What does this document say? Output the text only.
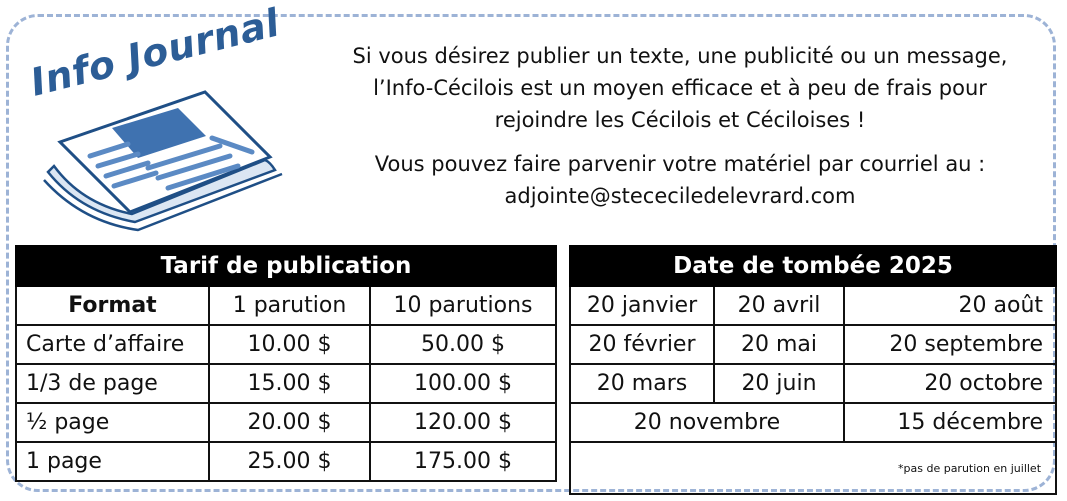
Info Journal	Si vous désirez publier un texte, une publicité ou un message,
l’Info-Cécilois est un moyen efficace et à peu de frais pour
rejoindre les Cécilois et Céciloises !

Vous pouvez faire parvenir votre matériel par courriel au :
adjointe@stececiledelevrard.com

Tarif de publication		
Format	1 parution	10 parutions
Carte d’affaire	10.00 $	50.00 $
1/3 de page	15.00 $	100.00 $
½ page	20.00 $	120.00 $
1 page	25.00 $	175.00 $
Date de tombée 2025		
20 janvier	20 avril	20 août
20 février	20 mai	20 septembre
20 mars	20 juin	20 octobre
20 novembre		15 décembre
*pas de parution en juillet		
